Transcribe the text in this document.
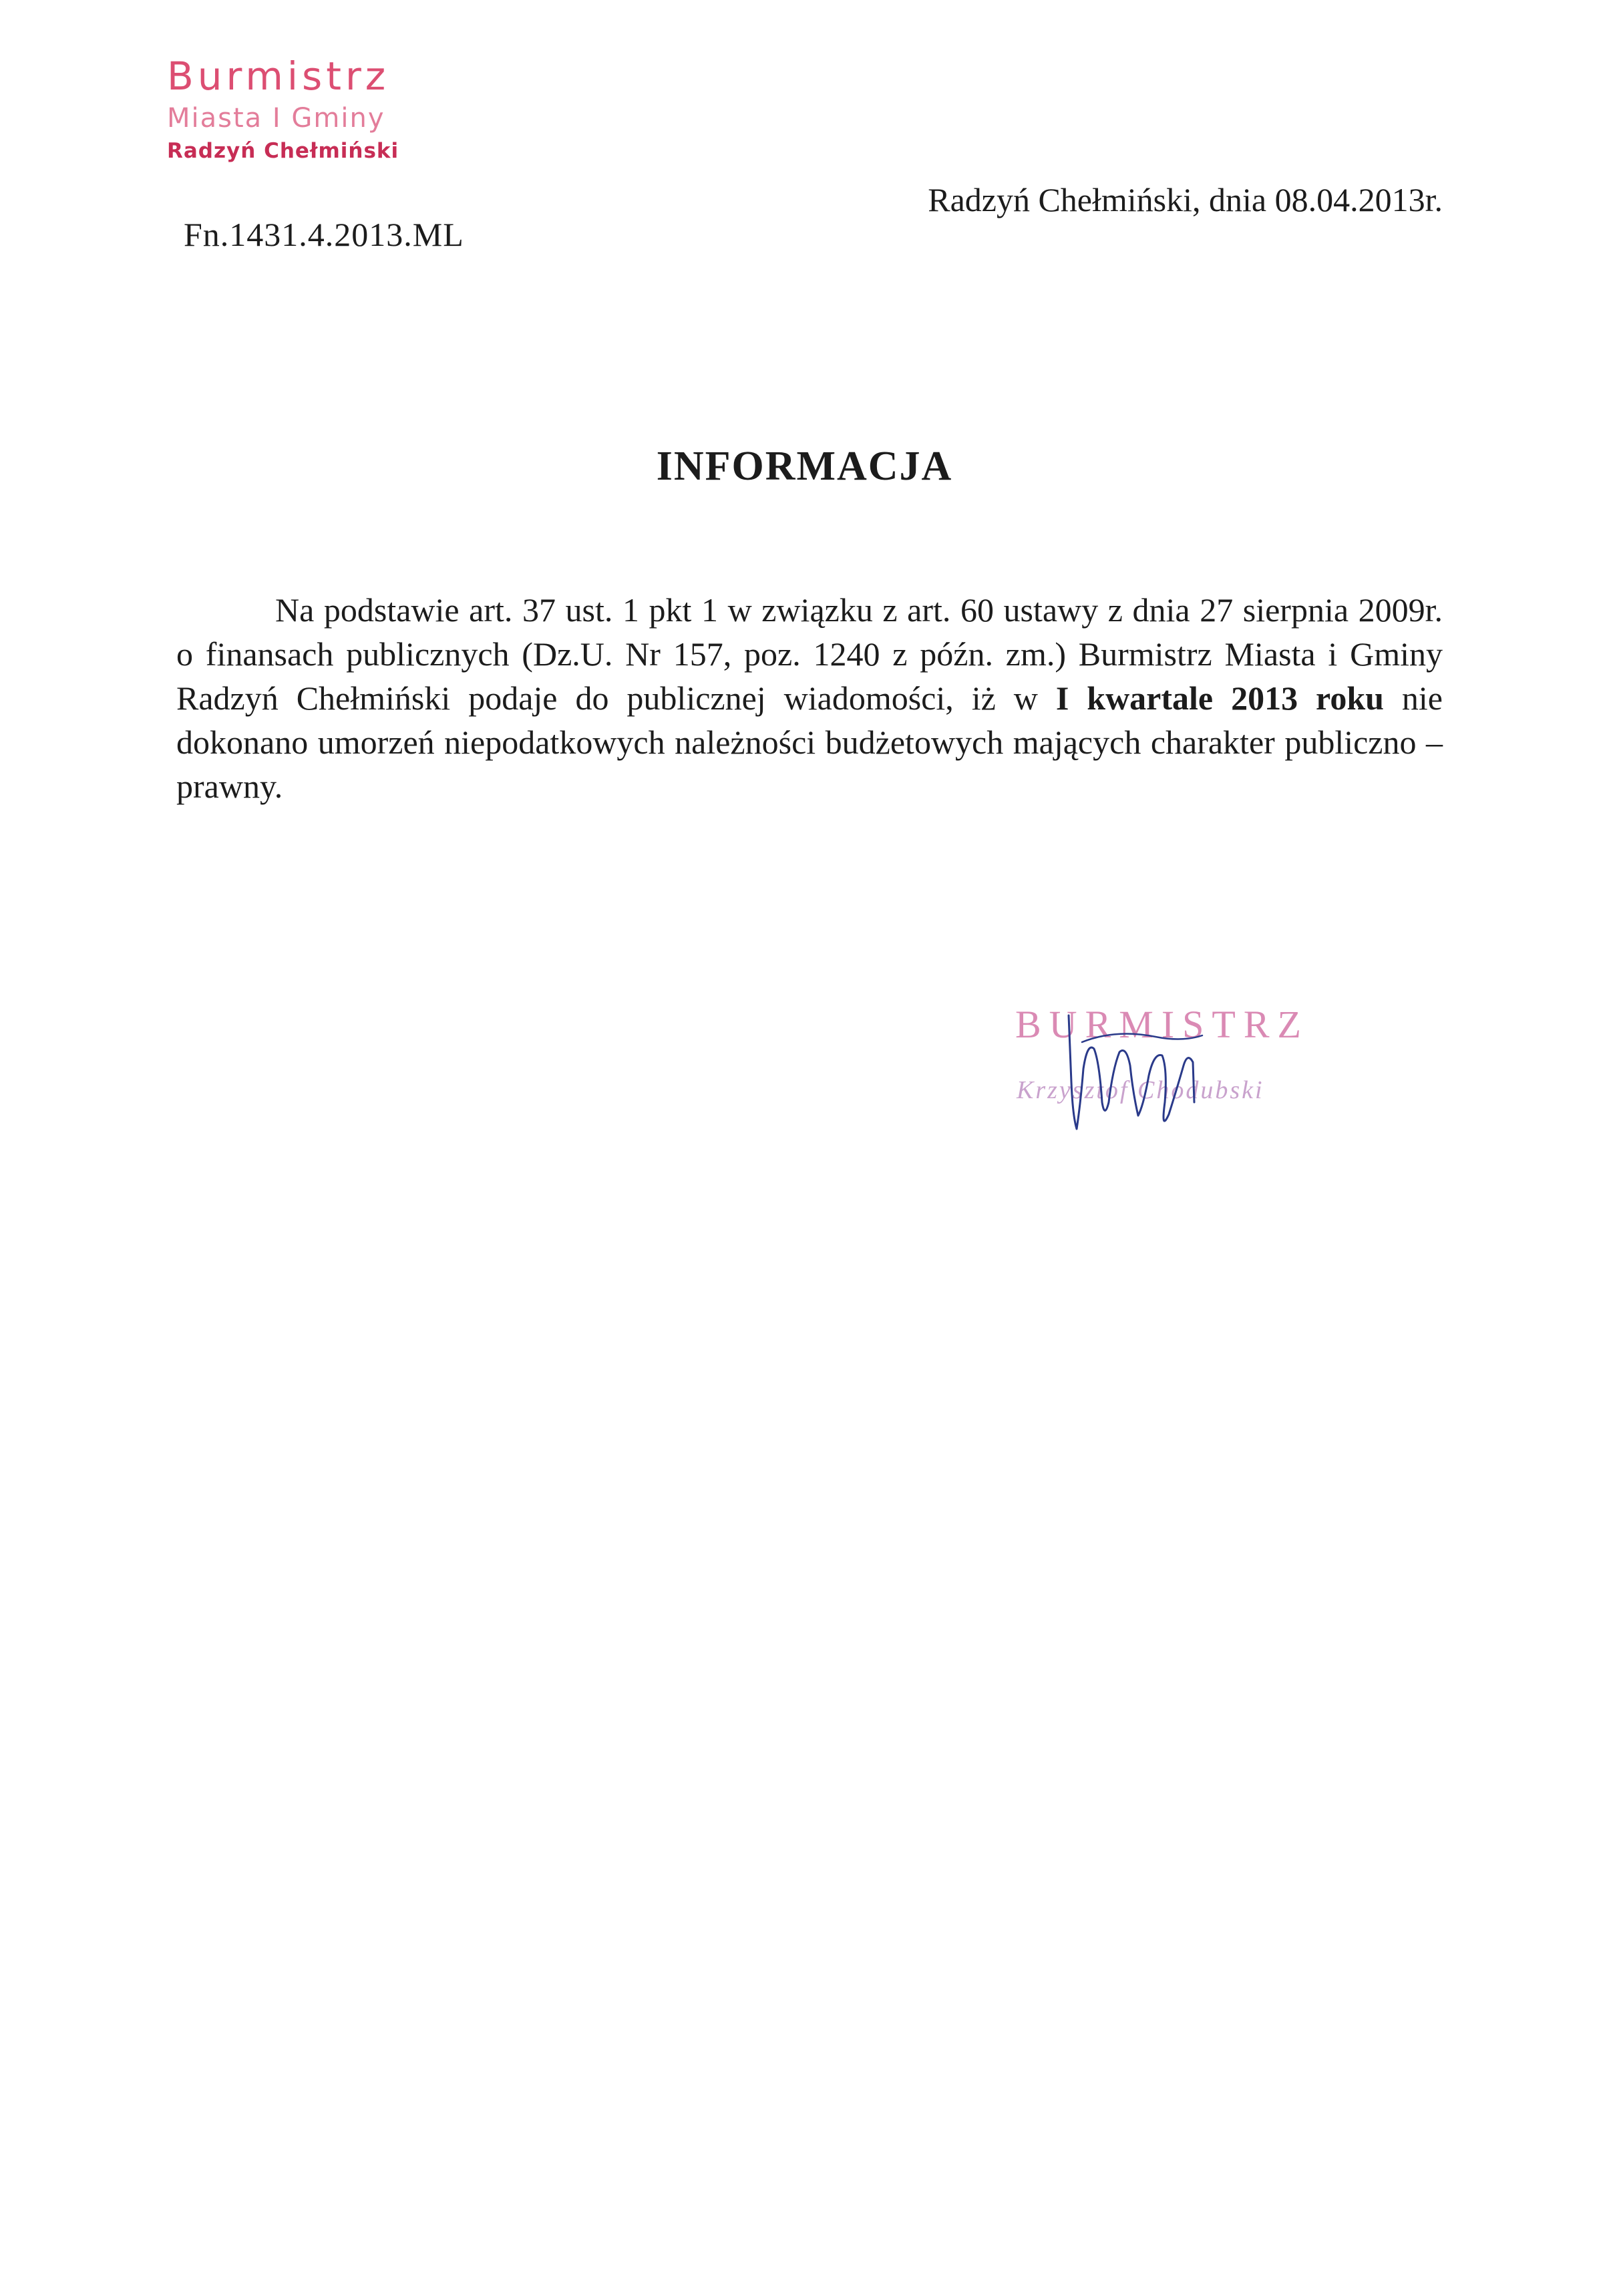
Burmistrz
Miasta I Gminy
Radzyń Chełmiński
Fn.1431.4.2013.ML
Radzyń Chełmiński, dnia 08.04.2013r.
INFORMACJA
Na podstawie art. 37 ust. 1 pkt 1 w związku z art. 60 ustawy z dnia 27 sierpnia 2009r. o finansach publicznych (Dz.U. Nr 157, poz. 1240 z późn. zm.) Burmistrz Miasta i Gminy Radzyń Chełmiński podaje do publicznej wiadomości, iż w I kwartale 2013 roku nie dokonano umorzeń niepodatkowych należności budżetowych mających charakter publiczno – prawny.
BURMISTRZ
Krzysztof Chodubski
